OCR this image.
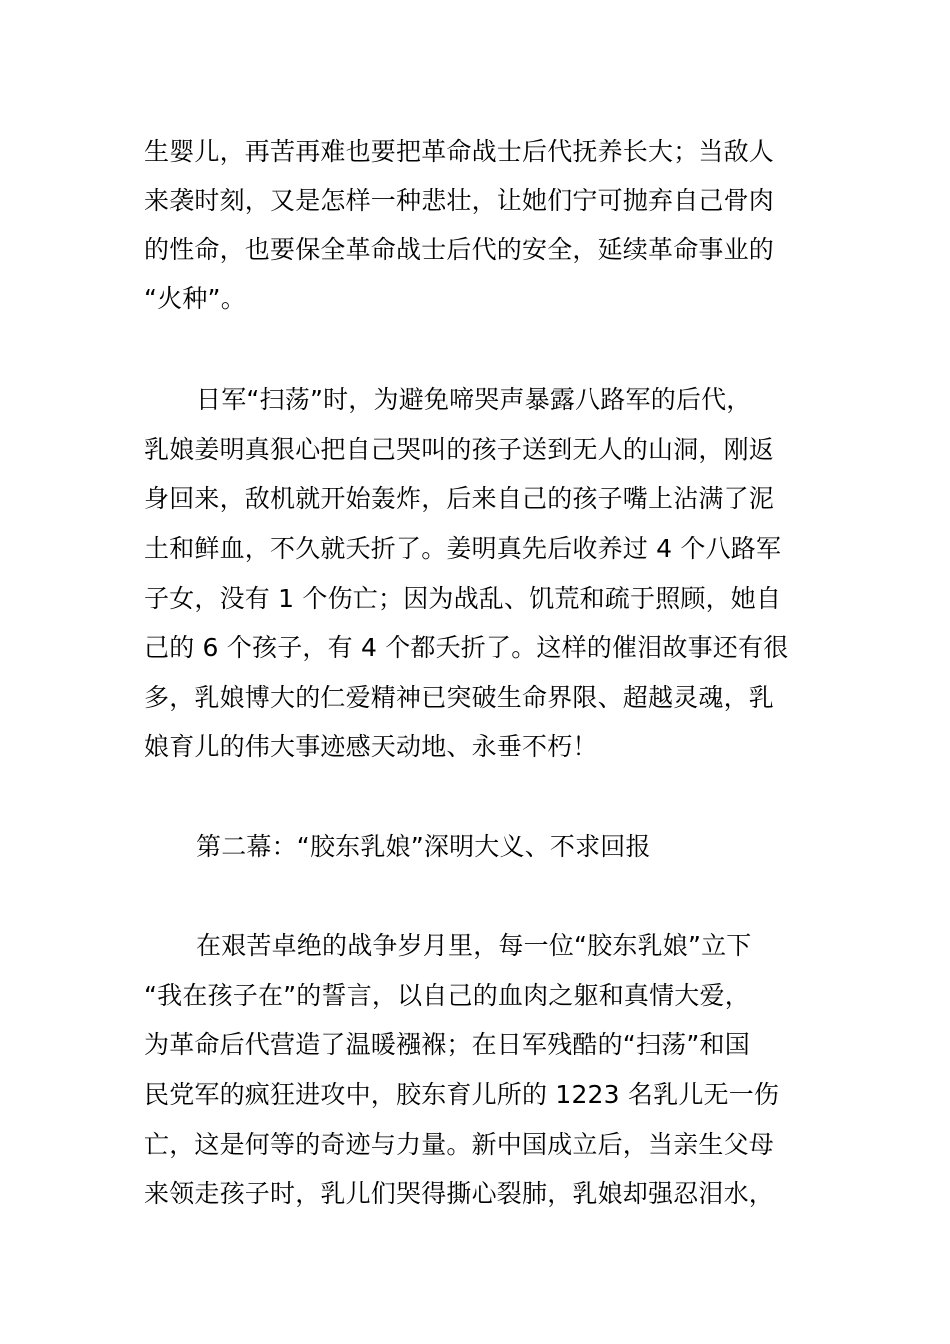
生婴儿，再苦再难也要把革命战士后代抚养长大；当敌人
来袭时刻，又是怎样一种悲壮，让她们宁可抛弃自己骨肉
的性命，也要保全革命战士后代的安全，延续革命事业的
“火种”。
日军“扫荡”时，为避免啼哭声暴露八路军的后代，
乳娘姜明真狠心把自己哭叫的孩子送到无人的山洞，刚返
身回来，敌机就开始轰炸，后来自己的孩子嘴上沾满了泥
土和鲜血，不久就夭折了。姜明真先后收养过 4 个八路军
子女，没有 1 个伤亡；因为战乱、饥荒和疏于照顾，她自
己的 6 个孩子，有 4 个都夭折了。这样的催泪故事还有很
多，乳娘博大的仁爱精神已突破生命界限、超越灵魂，乳
娘育儿的伟大事迹感天动地、永垂不朽！
第二幕：“胶东乳娘”深明大义、不求回报
在艰苦卓绝的战争岁月里，每一位“胶东乳娘”立下
“我在孩子在”的誓言，以自己的血肉之躯和真情大爱，
为革命后代营造了温暖襁褓；在日军残酷的“扫荡”和国
民党军的疯狂进攻中，胶东育儿所的 1223 名乳儿无一伤
亡，这是何等的奇迹与力量。新中国成立后，当亲生父母
来领走孩子时，乳儿们哭得撕心裂肺，乳娘却强忍泪水，
